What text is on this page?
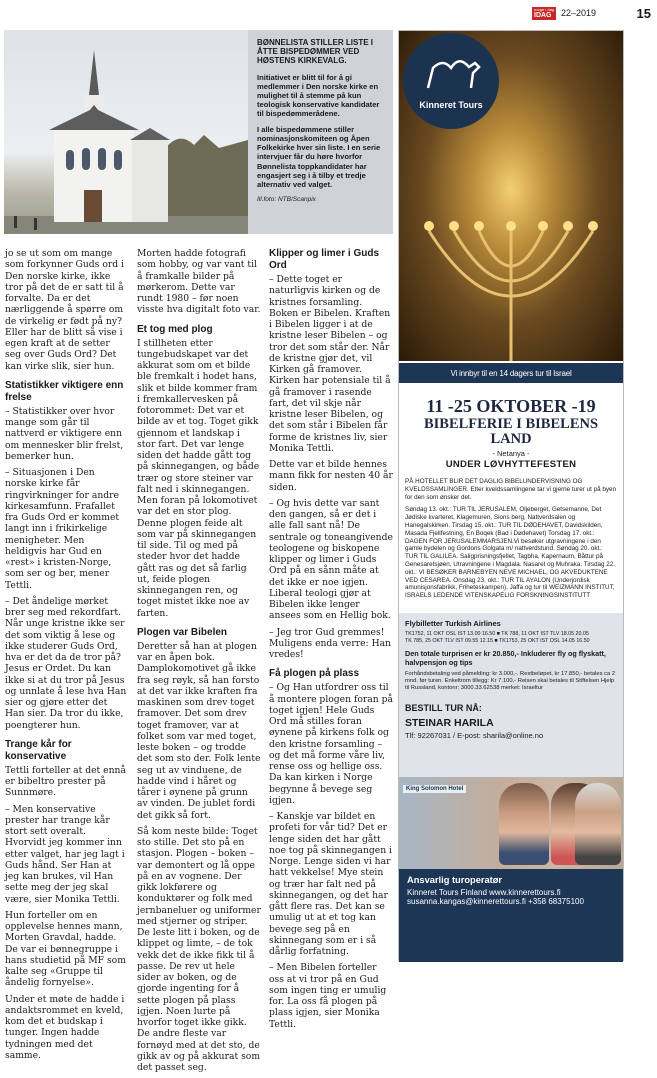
norge i dag
IDAG	22–2019	15
BØNNELISTA STILLER LISTE I ÅTTE BISPEDØMMER VED HØSTENS KIRKEVALG.

Initiativet er blitt til for å gi medlemmer i Den norske kirke en mulighet til å stemme på kun teologisk konservative kandidater til bispedømmerådene.

I alle bispedømmene stiller nominasjonskomiteen og Åpen Folkekirke hver sin liste. I en serie intervjuer får du høre hvorfor Bønnelista toppkandidater har engasjert seg i å tilby et tredje alternativ ved valget.

Ill.foto: NTB/Scanpix

jo se ut som om mange som forkynner Guds ord i Den norske kirke, ikke tror på det de er satt til å forvalte. Da er det nærliggende å spørre om de virkelig er født på ny? Eller har de blitt så vise i egen kraft at de setter seg over Guds Ord? Det kan virke slik, sier hun.

Statistikker viktigere enn frelse

– Statistikker over hvor mange som går til nattverd er viktigere enn om mennesker blir frelst, bemerker hun.

– Situasjonen i Den norske kirke får ringvirkninger for andre kirkesamfunn. Frafallet fra Guds Ord er kommet langt inn i frikirkelige menigheter. Men heldigvis har Gud en «rest» i kristen-Norge, som ser og ber, mener Tettli.

– Det åndelige mørket brer seg med rekordfart. Når unge kristne ikke ser det som viktig å lese og ikke studerer Guds Ord, hva er det da de tror på? Jesus er Ordet. Du kan ikke si at du tror på Jesus og unnlate å lese hva Han sier og gjøre etter det Han sier. Da tror du ikke, poengterer hun.

Trange kår for konservative

Tettli forteller at det ennå er bibeltro prester på Sunnmøre.

– Men konservative prester har trange kår stort sett overalt. Hvorvidt jeg kommer inn etter valget, har jeg lagt i Guds hånd. Ser Han at jeg kan brukes, vil Han sette meg der jeg skal være, sier Monika Tettli.

Hun forteller om en opplevelse hennes mann, Morten Gravdal, hadde. De var ei bønnegruppe i hans studietid på MF som kalte seg «Gruppe til åndelig fornyelse».

Under et møte de hadde i andaktsrommet en kveld, kom det et budskap i tunger. Ingen hadde tydningen med det samme.

Morten hadde fotografi som hobby, og var vant til å framkalle bilder på mørkerom. Dette var rundt 1980 – før noen visste hva digitalt foto var.

Et tog med plog

I stillheten etter tungebudskapet var det akkurat som om et bilde ble fremkalt i hodet hans, slik et bilde kommer fram i fremkallervesken på fotorommet: Det var et bilde av et tog. Toget gikk gjennom et landskap i stor fart. Det var lenge siden det hadde gått tog på skinnegangen, og både trær og store steiner var falt ned i skinnegangen. Men foran på lokomotivet var det en stor plog. Denne plogen feide alt som var på skinnegangen til side. Til og med på steder hvor det hadde gått ras og det så farlig ut, feide plogen skinnegangen ren, og toget mistet ikke noe av farten.

Plogen var Bibelen

Deretter så han at plogen var en åpen bok. Damplokomotivet gå ikke fra seg røyk, så han forsto at det var ikke kraften fra maskinen som drev toget framover. Det som drev toget framover, var at folket som var med toget, leste boken – og trodde det som sto der. Folk lente seg ut av vinduene, de hadde vind i håret og tårer i øynene på grunn av vinden. De jublet fordi det gikk så fort.

Så kom neste bilde: Toget sto stille. Det sto på en stasjon. Plogen – boken – var demontert og lå oppe på en av vognene. Der gikk lokførere og konduktører og folk med jernbaneluer og uniformer med stjerner og striper. De leste litt i boken, og de klippet og limte, – de tok vekk det de ikke fikk til å passe. De rev ut hele sider av boken, og de gjorde ingenting for å sette plogen på plass igjen. Noen lurte på hvorfor toget ikke gikk. De andre fleste var fornøyd med at det sto, de gikk av og på akkurat som det passet seg.

Klipper og limer i Guds Ord

– Dette toget er naturligvis kirken og de kristnes forsamling. Boken er Bibelen. Kraften i Bibelen ligger i at de kristne leser Bibelen – og tror det som står der. Når de kristne gjør det, vil Kirken gå framover. Kirken har potensiale til å gå framover i rasende fart, det vil skje når kristne leser Bibelen, og det som står i Bibelen får forme de kristnes liv, sier Monika Tettli.

Dette var et bilde hennes mann fikk for nesten 40 år siden.

– Og hvis dette var sant den gangen, så er det i alle fall sant nå! De sentrale og toneangivende teologene og biskopene klipper og limer i Guds Ord på en sånn måte at det ikke er noe igjen. Liberal teologi gjør at Bibelen ikke lenger ansees som en Hellig bok.

– Jeg tror Gud gremmes! Muligens enda verre: Han vredes!

Få plogen på plass

– Og Han utfordrer oss til å montere plogen foran på toget igjen! Hele Guds Ord må stilles foran øynene på kirkens folk og den kristne forsamling – og det må forme våre liv, rense oss og hellige oss. Da kan kirken i Norge begynne å bevege seg igjen.

– Kanskje var bildet en profeti for vår tid? Det er lenge siden det har gått noe tog på skinnegangen i Norge. Lenge siden vi har hatt vekkelse! Mye stein og trær har falt ned på skinnegangen, og det har gått flere ras. Det kan se umulig ut at et tog kan bevege seg på en skinnegang som er i så dårlig forfatning.

– Men Bibelen forteller oss at vi tror på en Gud som ingen ting er umulig for. La oss få plogen på plass igjen, sier Monika Tettli.

Kinneret Tours
Vi innbyr til en 14 dagers tur til Israel
11 -25 OKTOBER -19
BIBELFERIE I BIBELENS LAND
- Netanya -
UNDER LØVHYTTEFESTEN
PÅ HOTELLET BLIR DET DAGLIG BIBELUNDERVISNING OG KVELDSSAMLINGER. Etter kveldssamlingene tar vi gjerne turer ut på byen for den som ønsker det.
Søndag 13. okt.: TUR TIL JERUSALEM, Oljeberget, Getsemanne, Det Jødiske kvarteret, Klagemuren, Sions berg, Nattverdsalen og Hanegalskirken. Tirsdag 15. okt.: TUR TIL DØDEHAVET, Davidskilden, Masada Fjellfestning, En Boqek (Bad i Dødehavet) Torsdag 17. okt.: DAGEN FOR JERUSALEMMARSJEN.Vi besøker utgravningene i den gamle bydelen og Gordons Golgata m/ nattverdstund. Søndag 20. okt.: TUR TIL GALILEA. Saligprisningsfjellet, Tagbha, Kapernaum, Båttur på Genesaretsjøen, Utravningene i Magdala. Nasaret og Muhraka. Tirsdag 22. okt.: VI BESØKER BARNEBYEN NEVE MICHAEL, OG AKVEDUKTENE VED CESAREA. Onsdag 23. okt.: TUR TIL AYALON (Underjordisk amunisjonsfabrikk, Friheteskampen), Jaffa og tur til WEIZMANN INSTITUT, ISRAELS LEDENDE VITENSKAPELIG FORSKNINGSINSTITUTT
Flybilletter Turkish Airlines
TK1752, 11 OKT OSL IST 13.00 16.50 ■ TK 788, 11 OKT IST TLV 18.05 20.05
TK 785, 25 OKT TLV IST 09.55 12.15 ■ TK1753, 25 OKT IST OSL 14.05 16.50
Den totale turprisen er kr 20.850,- Inkluderer fly og flyskatt, halvpensjon og tips
Forhåndsbetaling ved påmelding: kr 3.000,-. Restbeløpet, kr 17.850,- betales ca 2 mnd. før turen. Enkeltrom tillegg: Kr 7.100,- Reisen skal betales til Stiftelsen Hjelp til Russland, kontonr: 3000.33.62538 merket: Israeltur
BESTILL TUR NÅ:
STEINAR HARILA
Tlf: 92267031 / E-post: sharila@online.no
King Solomon Hotel
Ansvarlig turoperatør
Kinneret Tours Finland www.kinnerettours.fi
susanna.kangas@kinnerettours.fi +358 68375100
